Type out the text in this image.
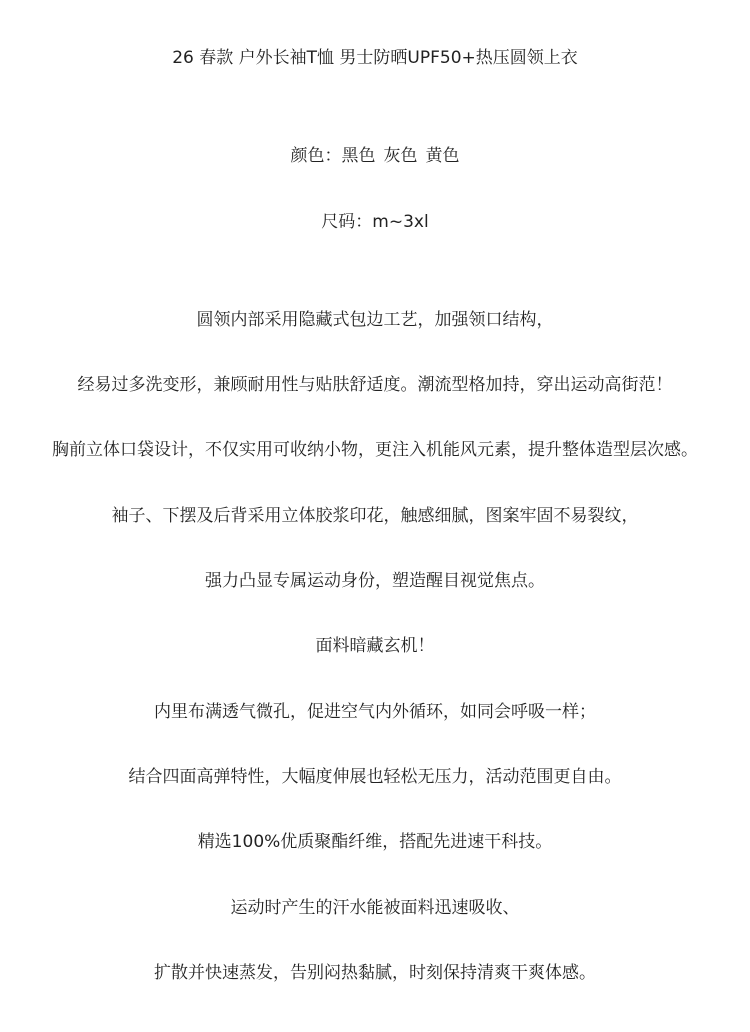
26 春款 户外长袖T恤 男士防晒UPF50+热压圆领上衣
颜色：黑色 灰色 黄色
尺码：m~3xl
圆领内部采用隐藏式包边工艺，加强领口结构，
经易过多洗变形，兼顾耐用性与贴肤舒适度。潮流型格加持，穿出运动高街范！
胸前立体口袋设计，不仅实用可收纳小物，更注入机能风元素，提升整体造型层次感。
袖子、下摆及后背采用立体胶浆印花，触感细腻，图案牢固不易裂纹，
强力凸显专属运动身份，塑造醒目视觉焦点。
面料暗藏玄机！
内里布满透气微孔，促进空气内外循环，如同会呼吸一样；
结合四面高弹特性，大幅度伸展也轻松无压力，活动范围更自由。
精选100%优质聚酯纤维，搭配先进速干科技。
运动时产生的汗水能被面料迅速吸收、
扩散并快速蒸发，告别闷热黏腻，时刻保持清爽干爽体感。
